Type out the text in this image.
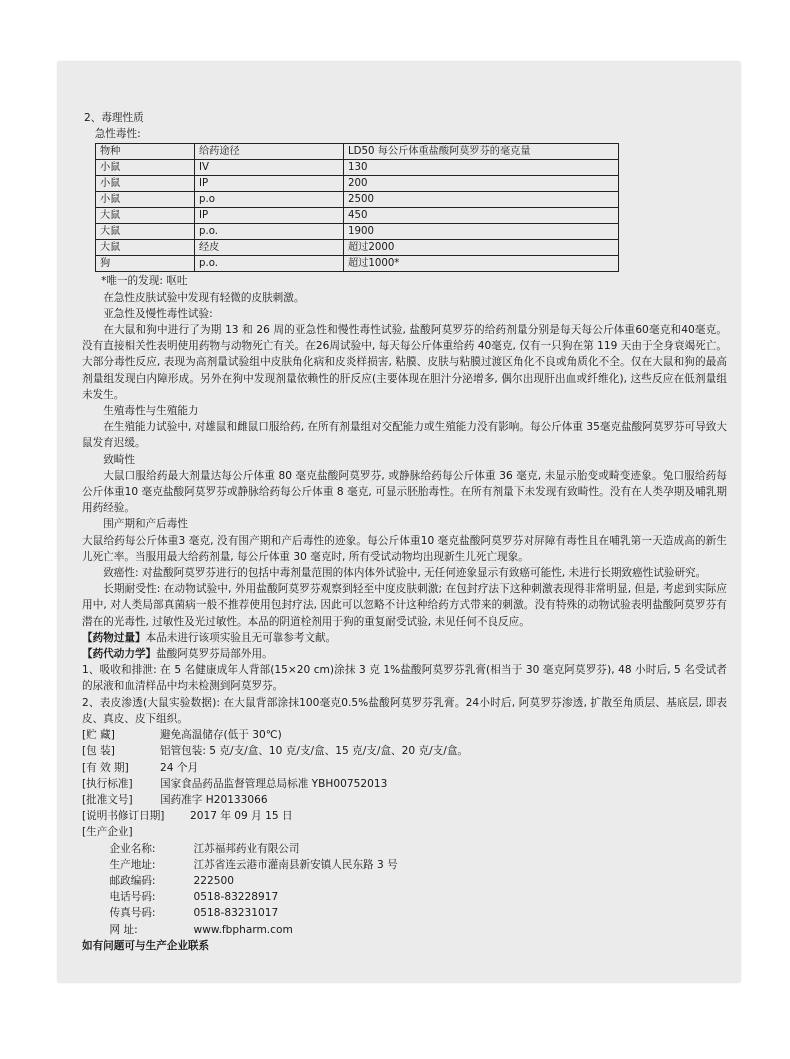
2、毒理性质

急性毒性:

物种	给药途径	LD50 每公斤体重盐酸阿莫罗芬的毫克量
小鼠	IV	130
小鼠	IP	200
小鼠	p.o	2500
大鼠	IP	450
大鼠	p.o.	1900
大鼠	经皮	超过2000
狗	p.o.	超过1000*

*唯一的发现: 呕吐

在急性皮肤试验中发现有轻微的皮肤刺激。

亚急性及慢性毒性试验:

在大鼠和狗中进行了为期 13 和 26 周的亚急性和慢性毒性试验, 盐酸阿莫罗芬的给药剂量分别是每天每公斤体重60毫克和40毫克。没有直接相关性表明使用药物与动物死亡有关。在26周试验中, 每天每公斤体重给药 40毫克, 仅有一只狗在第 119 天由于全身衰竭死亡。大部分毒性反应, 表现为高剂量试验组中皮肤角化病和皮炎样损害, 粘膜、皮肤与粘膜过渡区角化不良或角质化不全。仅在大鼠和狗的最高剂量组发现白内障形成。另外在狗中发现剂量依赖性的肝反应(主要体现在胆汁分泌增多, 偶尔出现肝出血或纤维化), 这些反应在低剂量组未发生。

生殖毒性与生殖能力

在生殖能力试验中, 对雄鼠和雌鼠口服给药, 在所有剂量组对交配能力或生殖能力没有影响。每公斤体重 35毫克盐酸阿莫罗芬可导致大鼠发育迟缓。

致畸性

大鼠口服给药最大剂量达每公斤体重 80 毫克盐酸阿莫罗芬, 或静脉给药每公斤体重 36 毫克, 未显示胎变或畸变迹象。兔口服给药每公斤体重10 毫克盐酸阿莫罗芬或静脉给药每公斤体重 8 毫克, 可显示胚胎毒性。在所有剂量下未发现有致畸性。没有在人类孕期及哺乳期用药经验。

围产期和产后毒性

大鼠给药每公斤体重3 毫克, 没有围产期和产后毒性的迹象。每公斤体重10 毫克盐酸阿莫罗芬对屏障有毒性且在哺乳第一天造成高的新生儿死亡率。当服用最大给药剂量, 每公斤体重 30 毫克时, 所有受试动物均出现新生儿死亡现象。

致癌性: 对盐酸阿莫罗芬进行的包括中毒剂量范围的体内体外试验中, 无任何迹象显示有致癌可能性, 未进行长期致癌性试验研究。

长期耐受性: 在动物试验中, 外用盐酸阿莫罗芬观察到轻至中度皮肤刺激; 在包封疗法下这种刺激表现得非常明显, 但是, 考虑到实际应用中, 对人类局部真菌病一般不推荐使用包封疗法, 因此可以忽略不计这种给药方式带来的刺激。没有特殊的动物试验表明盐酸阿莫罗芬有潜在的光毒性, 过敏性及光过敏性。本品的阴道栓剂用于狗的重复耐受试验, 未见任何不良反应。

【药物过量】本品未进行该项实验且无可靠参考文献。

【药代动力学】盐酸阿莫罗芬局部外用。

1、吸收和排泄: 在 5 名健康成年人背部(15×20 cm)涂抹 3 克 1%盐酸阿莫罗芬乳膏(相当于 30 毫克阿莫罗芬), 48 小时后, 5 名受试者的尿液和血清样品中均未检测到阿莫罗芬。

2、表皮渗透(大鼠实验数据): 在大鼠背部涂抹100毫克0.5%盐酸阿莫罗芬乳膏。24小时后, 阿莫罗芬渗透, 扩散至角质层、基底层, 即表皮、真皮、皮下组织。

[贮 藏]	避免高温储存(低于 30℃)
[包 装]	铝管包装: 5 克/支/盒、10 克/支/盒、15 克/支/盒、20 克/支/盒。
[有 效 期]	24 个月
[执行标准]	国家食品药品监督管理总局标准 YBH00752013
[批准文号]	国药准字 H20133066
[说明书修订日期]	2017 年 09 月 15 日

[生产企业]

企业名称:	江苏福邦药业有限公司
生产地址:	江苏省连云港市灌南县新安镇人民东路 3 号
邮政编码:	222500
电话号码:	0518-83228917
传真号码:	0518-83231017
网 址:	www.fbpharm.com

如有问题可与生产企业联系
